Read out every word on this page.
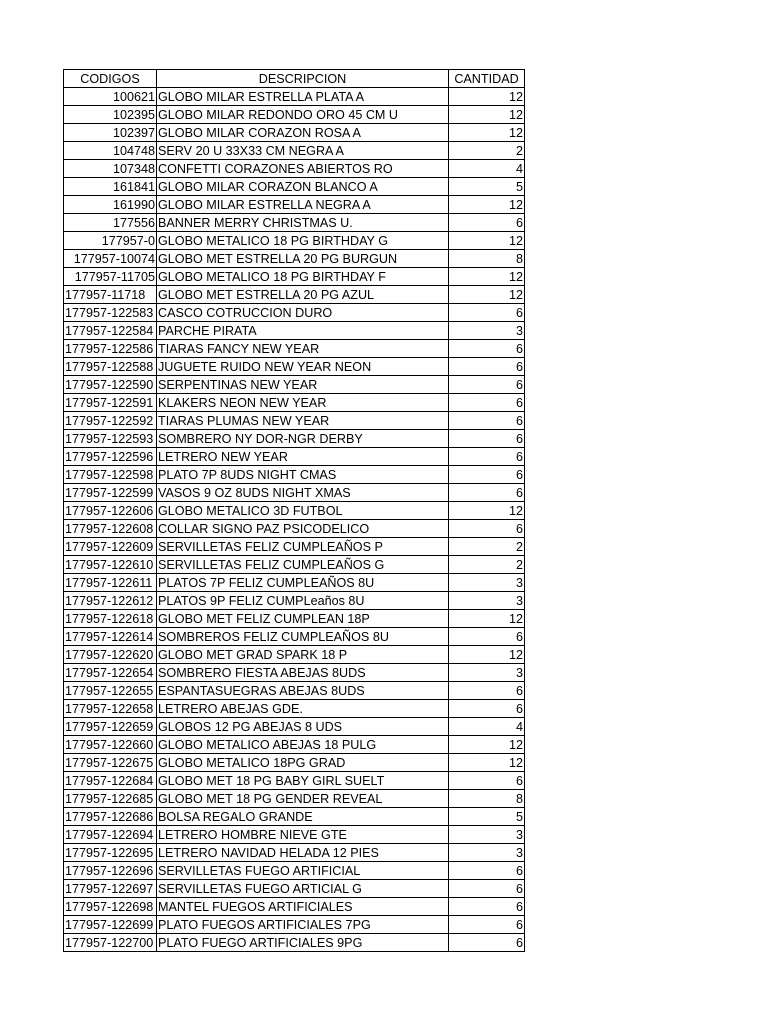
CODIGOS	DESCRIPCION	CANTIDAD
100621	GLOBO MILAR ESTRELLA PLATA A	12
102395	GLOBO MILAR REDONDO ORO 45 CM U	12
102397	GLOBO MILAR CORAZON ROSA A	12
104748	SERV 20 U 33X33 CM NEGRA A	2
107348	CONFETTI CORAZONES ABIERTOS RO	4
161841	GLOBO MILAR CORAZON BLANCO A	5
161990	GLOBO MILAR ESTRELLA NEGRA A	12
177556	BANNER MERRY CHRISTMAS U.	6
177957-0	GLOBO METALICO 18 PG BIRTHDAY G	12
177957-10074	GLOBO MET ESTRELLA 20 PG BURGUN	8
177957-11705	GLOBO METALICO 18 PG BIRTHDAY F	12
177957-11718	GLOBO MET ESTRELLA 20 PG AZUL	12
177957-122583	CASCO COTRUCCION DURO	6
177957-122584	PARCHE PIRATA	3
177957-122586	TIARAS FANCY NEW YEAR	6
177957-122588	JUGUETE RUIDO NEW YEAR NEON	6
177957-122590	SERPENTINAS NEW YEAR	6
177957-122591	KLAKERS NEON NEW YEAR	6
177957-122592	TIARAS PLUMAS NEW YEAR	6
177957-122593	SOMBRERO NY DOR-NGR DERBY	6
177957-122596	LETRERO NEW YEAR	6
177957-122598	PLATO 7P 8UDS NIGHT CMAS	6
177957-122599	VASOS 9 OZ 8UDS NIGHT XMAS	6
177957-122606	GLOBO METALICO 3D FUTBOL	12
177957-122608	COLLAR SIGNO PAZ PSICODELICO	6
177957-122609	SERVILLETAS FELIZ CUMPLEAÑOS P	2
177957-122610	SERVILLETAS FELIZ CUMPLEAÑOS G	2
177957-122611	PLATOS 7P FELIZ CUMPLEAÑOS 8U	3
177957-122612	PLATOS 9P FELIZ CUMPLeaños 8U	3
177957-122618	GLOBO MET FELIZ CUMPLEAN 18P	12
177957-122614	SOMBREROS FELIZ CUMPLEAÑOS 8U	6
177957-122620	GLOBO MET GRAD SPARK 18 P	12
177957-122654	SOMBRERO FIESTA ABEJAS 8UDS	3
177957-122655	ESPANTASUEGRAS ABEJAS 8UDS	6
177957-122658	LETRERO ABEJAS GDE.	6
177957-122659	GLOBOS 12 PG ABEJAS 8 UDS	4
177957-122660	GLOBO METALICO ABEJAS 18 PULG	12
177957-122675	GLOBO METALICO 18PG GRAD	12
177957-122684	GLOBO MET 18 PG BABY GIRL SUELT	6
177957-122685	GLOBO MET 18 PG GENDER REVEAL	8
177957-122686	BOLSA REGALO GRANDE	5
177957-122694	LETRERO HOMBRE NIEVE GTE	3
177957-122695	LETRERO NAVIDAD HELADA 12 PIES	3
177957-122696	SERVILLETAS FUEGO ARTIFICIAL	6
177957-122697	SERVILLETAS FUEGO ARTICIAL G	6
177957-122698	MANTEL FUEGOS ARTIFICIALES	6
177957-122699	PLATO FUEGOS ARTIFICIALES 7PG	6
177957-122700	PLATO FUEGO ARTIFICIALES 9PG	6
